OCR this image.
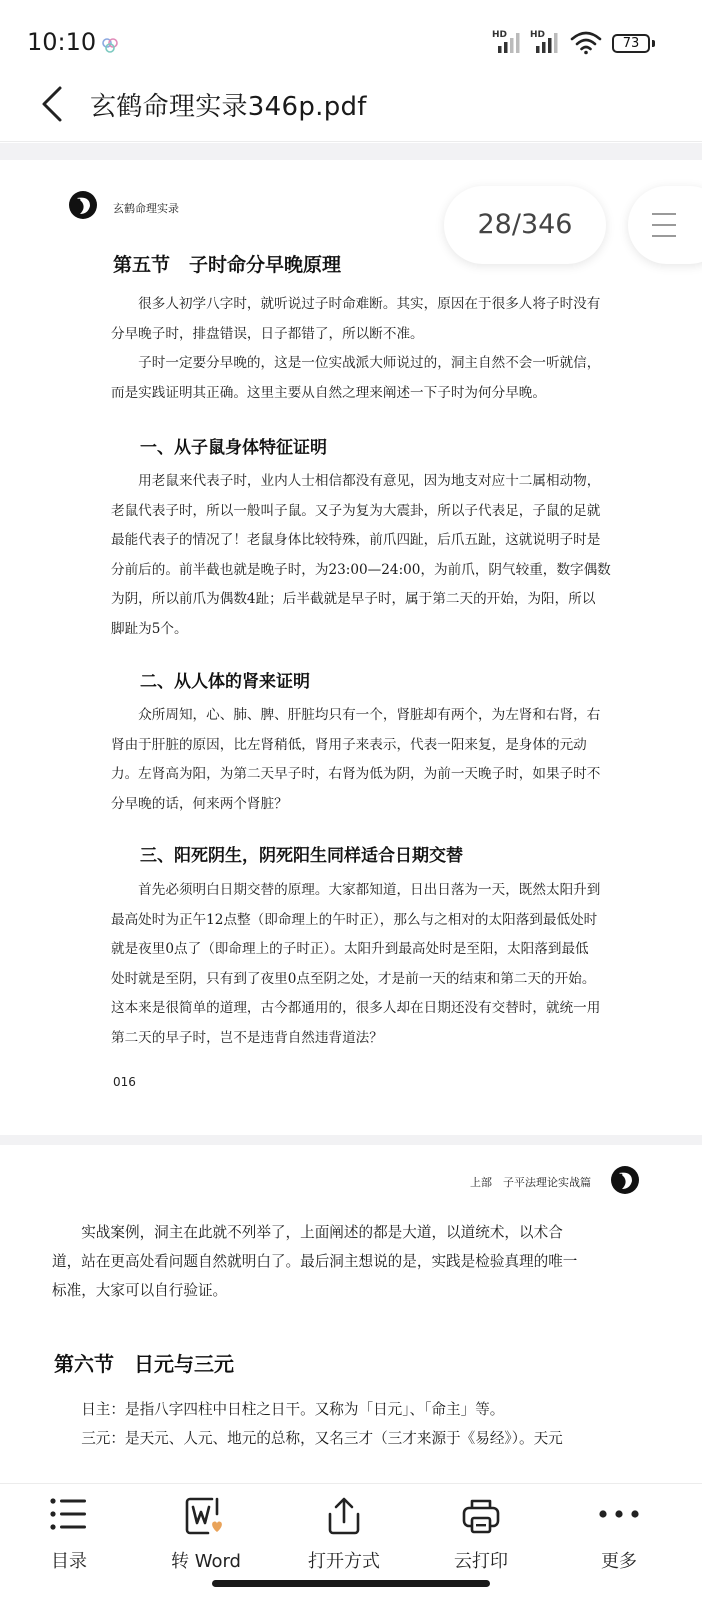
10:10	HD	HD
73
玄鹤命理实录346p.pdf
玄鹤命理实录
第五节　子时命分早晚原理
　　很多人初学八字时，就听说过子时命难断。其实，原因在于很多人将子时没有
分早晚子时，排盘错误，日子都错了，所以断不准。
　　子时一定要分早晚的，这是一位实战派大师说过的，洞主自然不会一听就信，
而是实践证明其正确。这里主要从自然之理来阐述一下子时为何分早晚。
一、从子鼠身体特征证明
　　用老鼠来代表子时，业内人士相信都没有意见，因为地支对应十二属相动物，
老鼠代表子时，所以一般叫子鼠。又子为复为大震卦，所以子代表足，子鼠的足就
最能代表子的情况了！老鼠身体比较特殊，前爪四趾，后爪五趾，这就说明子时是
分前后的。前半截也就是晚子时，为23:00—24:00，为前爪，阴气较重，数字偶数
为阴，所以前爪为偶数4趾；后半截就是早子时，属于第二天的开始，为阳，所以
脚趾为5个。
二、从人体的肾来证明
　　众所周知，心、肺、脾、肝脏均只有一个，肾脏却有两个，为左肾和右肾，右
肾由于肝脏的原因，比左肾稍低，肾用子来表示，代表一阳来复，是身体的元动
力。左肾高为阳，为第二天早子时，右肾为低为阴，为前一天晚子时，如果子时不
分早晚的话，何来两个肾脏？
三、阳死阴生，阴死阳生同样适合日期交替
　　首先必须明白日期交替的原理。大家都知道，日出日落为一天，既然太阳升到
最高处时为正午12点整（即命理上的午时正），那么与之相对的太阳落到最低处时
就是夜里0点了（即命理上的子时正）。太阳升到最高处时是至阳，太阳落到最低
处时就是至阴，只有到了夜里0点至阴之处，才是前一天的结束和第二天的开始。
这本来是很简单的道理，古今都通用的，很多人却在日期还没有交替时，就统一用
第二天的早子时，岂不是违背自然违背道法？
016
28/346
上部　子平法理论实战篇
　　实战案例，洞主在此就不列举了，上面阐述的都是大道，以道统术，以术合
道，站在更高处看问题自然就明白了。最后洞主想说的是，实践是检验真理的唯一
标准，大家可以自行验证。
第六节　日元与三元
　　日主：是指八字四柱中日柱之日干。又称为「日元」、「命主」等。
　　三元：是天元、人元、地元的总称，又名三才（三才来源于《易经》）。天元
目录	转 Word	打开方式	云打印	更多
